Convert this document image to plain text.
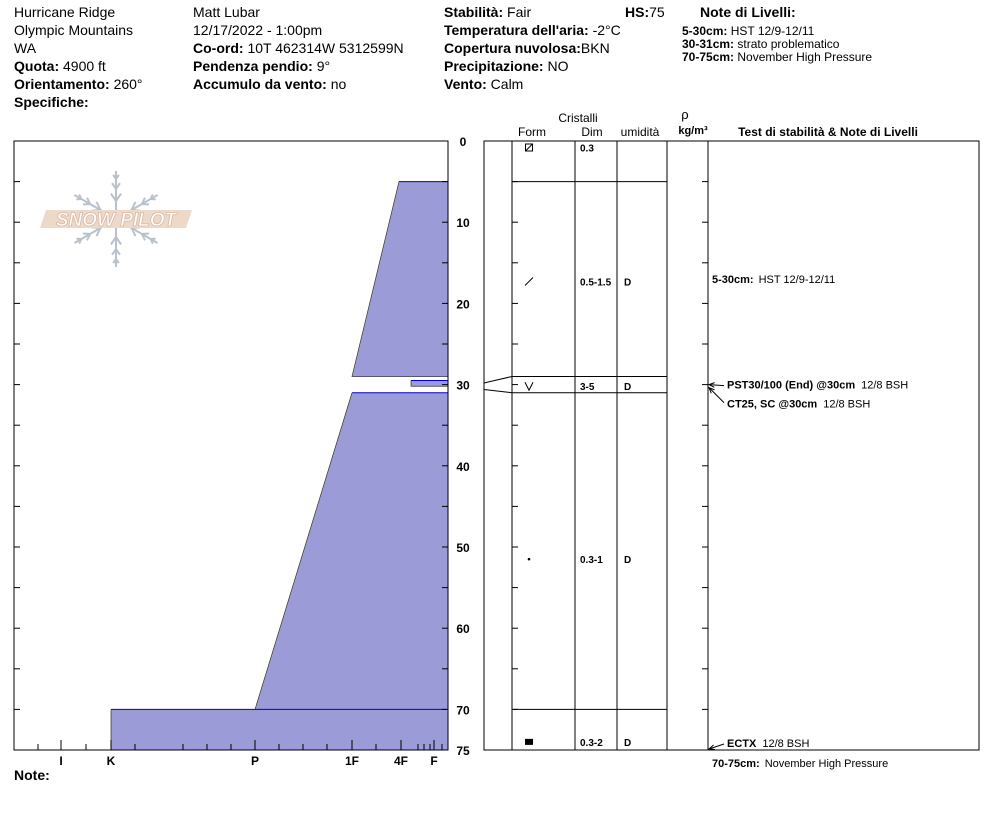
Hurricane Ridge
Olympic Mountains
WA
Quota: 4900 ft
Orientamento: 260°
Specifiche:
Matt Lubar
12/17/2022 - 1:00pm
Co-ord: 10T 462314W 5312599N
Pendenza pendio: 9°
Accumulo da vento: no
Stabilità: Fair	HS:75
Temperatura dell'aria: -2°C
Copertura nuvolosa:BKN
Precipitazione: NO
Vento: Calm
Note di Livelli:
5-30cm: HST 12/9-12/11
30-31cm: strato problematico
70-75cm: November High Pressure
Note:
SNOW PILOT
I	K	P	1F	4F F
0
10
20
30
40
50
60
70
75
0.3
0.5-1.5 D
3-5	D
0.3-1 D
0.3-2 D
Cristalli
Form	Dim umidità
ρ
kg/m³	Test di stabilità & Note di Livelli
PST30/100 (End) @30cm 12/8 BSH
CT25, SC @30cm 12/8 BSH
ECTX 12/8 BSH
5-30cm: HST 12/9-12/11
70-75cm: November High Pressure
